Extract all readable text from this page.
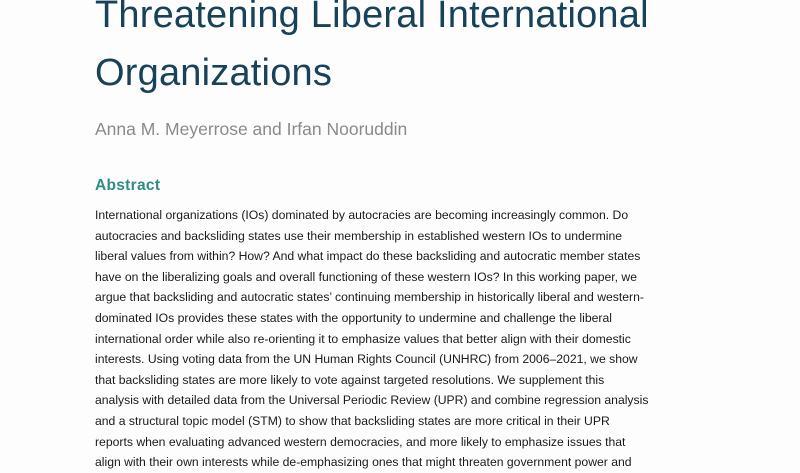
Threatening Liberal International
Organizations

Anna M. Meyerrose and Irfan Nooruddin

Abstract

International organizations (IOs) dominated by autocracies are becoming increasingly common. Do
autocracies and backsliding states use their membership in established western IOs to undermine
liberal values from within? How? And what impact do these backsliding and autocratic member states
have on the liberalizing goals and overall functioning of these western IOs? In this working paper, we
argue that backsliding and autocratic states’ continuing membership in historically liberal and western-
dominated IOs provides these states with the opportunity to undermine and challenge the liberal
international order while also re-orienting it to emphasize values that better align with their domestic
interests. Using voting data from the UN Human Rights Council (UNHRC) from 2006–2021, we show
that backsliding states are more likely to vote against targeted resolutions. We supplement this
analysis with detailed data from the Universal Periodic Review (UPR) and combine regression analysis
and a structural topic model (STM) to show that backsliding states are more critical in their UPR
reports when evaluating advanced western democracies, and more likely to emphasize issues that
align with their own interests while de-emphasizing ones that might threaten government power and
